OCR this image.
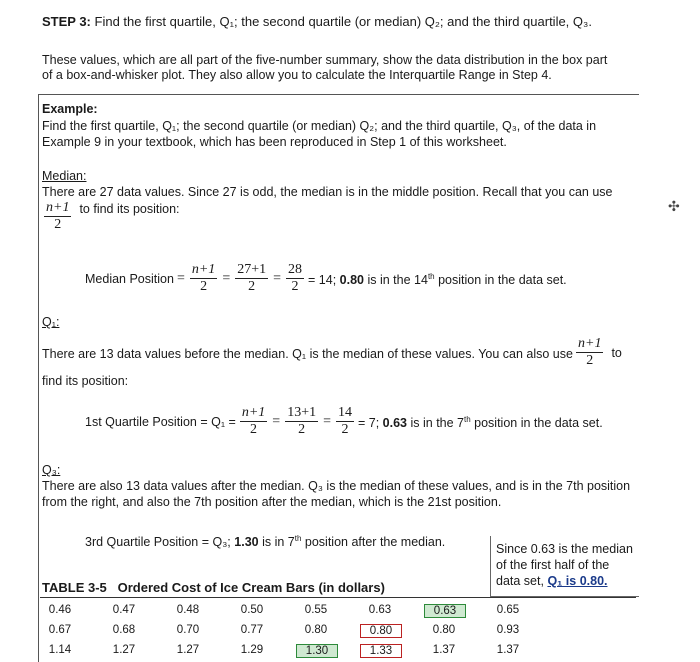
STEP 3: Find the first quartile, Q₁; the second quartile (or median) Q₂; and the third quartile, Q₃.
These values, which are all part of the five-number summary, show the data distribution in the box part
of a box-and-whisker plot. They also allow you to calculate the Interquartile Range in Step 4.
Example:
Find the first quartile, Q₁; the second quartile (or median) Q₂; and the third quartile, Q₃, of the data in
Example 9 in your textbook, which has been reproduced in Step 1 of this worksheet.
Median:
There are 27 data values. Since 27 is odd, the median is in the middle position. Recall that you can use
$\frac{n+1}{2}$ to find its position:
Median Position = $\frac{n+1}{2} = \frac{27+1}{2} = \frac{28}{2} = 14$; 0.80 is in the 14th position in the data set.
Q₁:
There are 13 data values before the median. Q₁ is the median of these values. You can also use $\frac{n+1}{2}$ to
find its position:
1st Quartile Position = $Q_1 = \frac{n+1}{2} = \frac{13+1}{2} = \frac{14}{2} = 7$; 0.63 is in the 7th position in the data set.
Q₃:
There are also 13 data values after the median. Q₃ is the median of these values, and is in the 7th position
from the right, and also the 7th position after the median, which is the 21st position.
3rd Quartile Position = Q₃; 1.30 is in 7th position after the median.	Since 0.63 is the median
of the first half of the
data set, Q₁ is 0.80.
✣
TABLE 3-5 Ordered Cost of Ice Cream Bars (in dollars)
0.46	0.47	0.48	0.50	0.55	0.63	0.63	0.65
0.67	0.68	0.70	0.77	0.80	0.80	0.80	0.93
1.14	1.27	1.27	1.29	1.30	1.33	1.37	1.37
